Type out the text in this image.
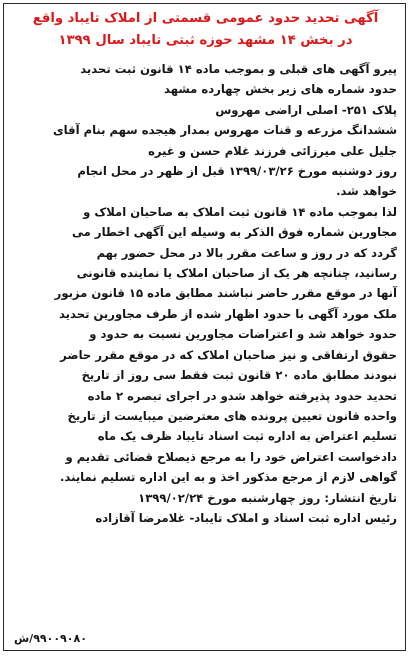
آگهی تحدید حدود عمومی قسمتی از املاک تایباد واقع
در بخش ۱۴ مشهد حوزه ثبتی تایباد سال ۱۳۹۹
پیرو آگهی های قبلی و بموجب ماده ۱۴ قانون ثبت تحدید
حدود شماره های زیر بخش چهارده مشهد
پلاک ۲۵۱- اصلی اراضی مهروس
ششدانگ مزرعه و قنات مهروس بمدار هیجده سهم بنام آقای
جلیل علی میرزائی فرزند غلام حسن و غیره
روز دوشنبه مورخ ۱۳۹۹/۰۳/۲۶ قبل از ظهر در محل انجام
خواهد شد.
لذا بموجب ماده ۱۴ قانون ثبت املاک به صاحبان املاک و
مجاورین شماره فوق الذکر به وسیله این آگهی اخطار می
گردد که در روز و ساعت مقرر بالا در محل حضور بهم
رسانید، چنانچه هر یک از صاحبان املاک یا نماینده قانونی
آنها در موقع مقرر حاضر نباشند مطابق ماده ۱۵ قانون مزبور
ملک مورد آگهی با حدود اظهار شده از طرف مجاورین تحدید
حدود خواهد شد و اعتراضات مجاورین نسبت به حدود و
حقوق ارتفاقی و نیز صاحبان املاک که در موقع مقرر حاضر
نبودند مطابق ماده ۲۰ قانون ثبت فقط سی روز از تاریخ
تحدید حدود پذیرفته خواهد شدو در اجرای تبصره ۲ ماده
واحده قانون تعیین پرونده های معترضین میبایست از تاریخ
تسلیم اعتراض به اداره ثبت اسناد تایباد ظرف یک ماه
دادخواست اعتراض خود را به مرجع ذیصلاح قضائی تقدیم و
گواهی لازم از مرجع مذکور اخذ و به این اداره تسلیم نمایند.
تاریخ انتشار: روز چهارشنبه مورخ ۱۳۹۹/۰۲/۲۴
رئیس اداره ثبت اسناد و املاک تایباد- غلامرضا آقازاده
۹۹۰۰۹۰۸۰/ش
